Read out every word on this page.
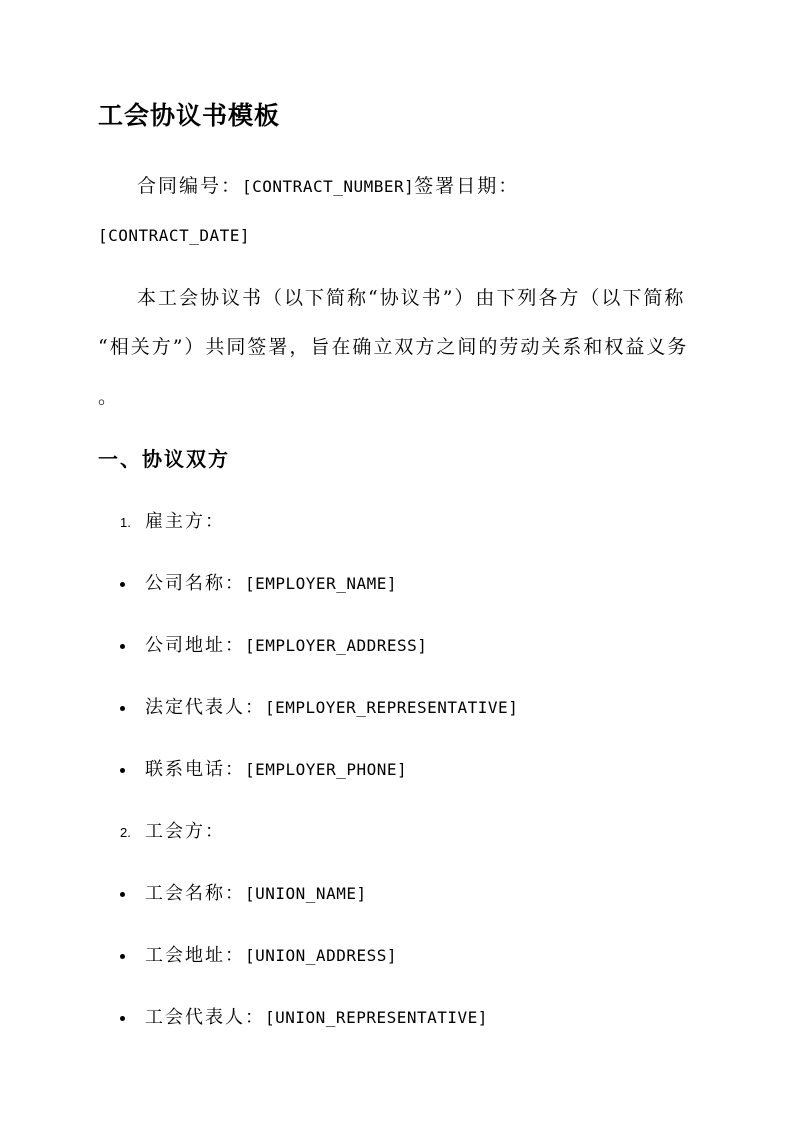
工会协议书模板
合同编号：[CONTRACT_NUMBER]签署日期：
[CONTRACT_DATE]
本工会协议书（以下简称“协议书”）由下列各方（以下简称
“相关方”）共同签署，旨在确立双方之间的劳动关系和权益义务
。
一、协议双方
1. 雇主方：
公司名称：[EMPLOYER_NAME]
公司地址：[EMPLOYER_ADDRESS]
法定代表人：[EMPLOYER_REPRESENTATIVE]
联系电话：[EMPLOYER_PHONE]
2. 工会方：
工会名称：[UNION_NAME]
工会地址：[UNION_ADDRESS]
工会代表人：[UNION_REPRESENTATIVE]
